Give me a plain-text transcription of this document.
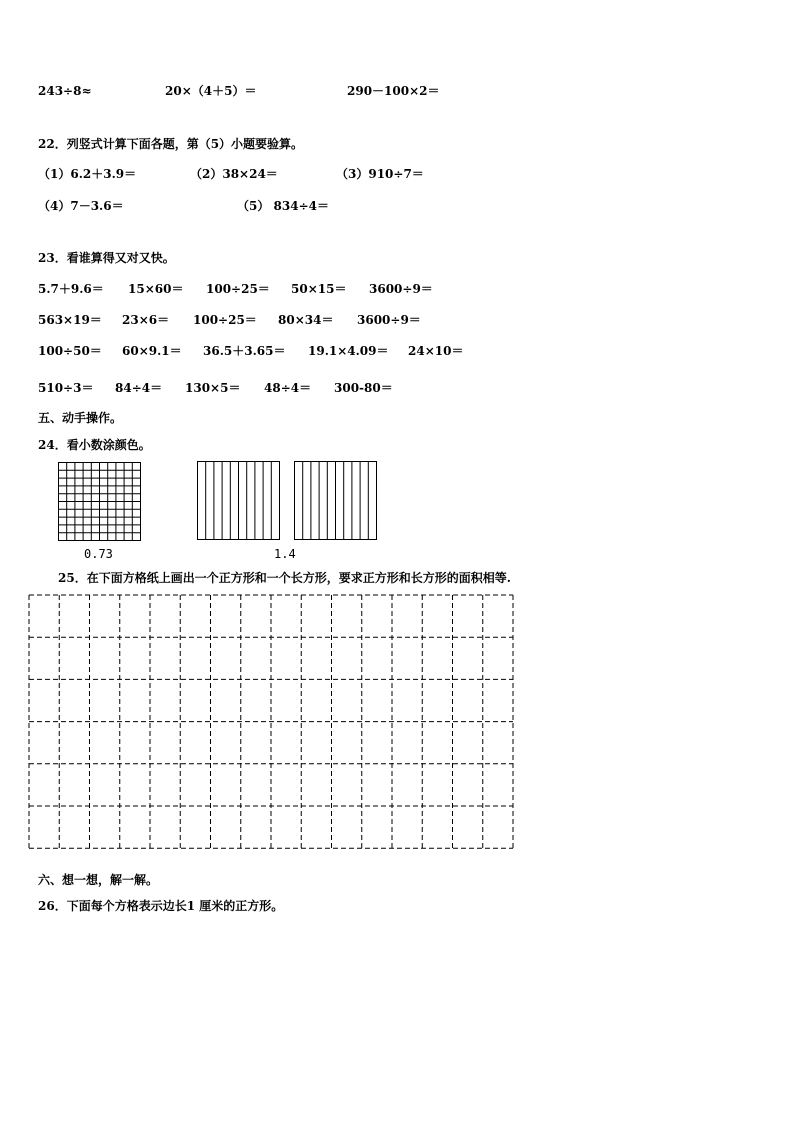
243÷8≈	20×（4＋5）＝	290－100×2＝
22．列竖式计算下面各题，第（5）小题要验算。
（1）6.2＋3.9＝	（2）38×24＝	（3）910÷7＝
（4）7－3.6＝	（5） 834÷4＝
23．看谁算得又对又快。
5.7＋9.6＝ 15×60＝ 100÷25＝ 50×15＝ 3600÷9＝
563×19＝ 23×6＝ 100÷25＝ 80×34＝ 3600÷9＝
100÷50＝ 60×9.1＝ 36.5＋3.65＝ 19.1×4.09＝ 24×10＝
510÷3＝ 84÷4＝ 130×5＝ 48÷4＝ 300-80＝
五、动手操作。
24．看小数涂颜色。
0.73	1.4
25．在下面方格纸上画出一个正方形和一个长方形，要求正方形和长方形的面积相等.
六、想一想，解一解。
26．下面每个方格表示边长1 厘米的正方形。
